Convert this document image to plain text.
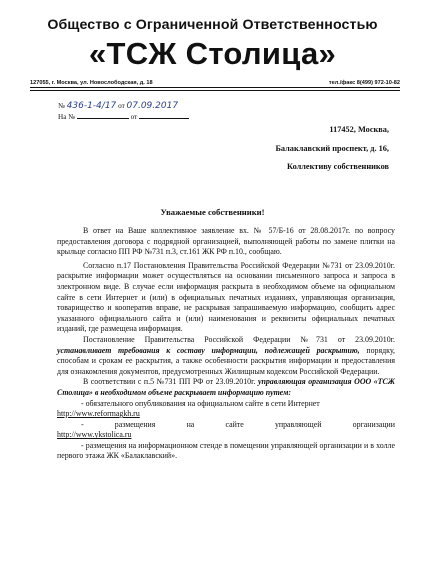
Общество с Ограниченной Ответственностью
«ТСЖ Столица»
127055, г. Москва, ул. Новослободская, д. 18	тел./факс 8(499) 972-10-82
№ 436-1-4/17 от 07.09.2017
На №	от
117452, Москва,
Балаклавский проспект, д. 16,
Коллективу собственников
Уважаемые собственники!

В ответ на Ваше коллективное заявление вх. № 57/Б-16 от 28.08.2017г. по вопросу предоставления договора с подрядной организацией, выполняющей работы по замене плитки на крыльце согласно ПП РФ №731 п.3, ст.161 ЖК РФ п.10., сообщаю.

Согласно п.17 Постановления Правительства Российской Федерации №731 от 23.09.2010г. раскрытие информации может осуществляться на основании письменного запроса и запроса в электронном виде. В случае если информация раскрыта в необходимом объеме на официальном сайте в сети Интернет и (или) в официальных печатных изданиях, управляющая организация, товарищество и кооператив вправе, не раскрывая запрашиваемую информацию, сообщить адрес указанного официального сайта и (или) наименования и реквизиты официальных печатных изданий, где размещена информация.

Постановление Правительства Российской Федерации №731 от 23.09.2010г. устанавливает требования к составу информации, подлежащей раскрытию, порядку, способам и срокам ее раскрытия, а также особенности раскрытия информации и предоставления для ознакомления документов, предусмотренных Жилищным кодексом Российской Федерации.

В соответствии с п.5 №731 ПП РФ от 23.09.2010г. управляющая организация ООО «ТСЖ Столица» в необходимом объеме раскрывает информацию путем:

- обязательного опубликования на официальном сайте в сети Интернет

http://www.reformagkh.ru

- размещения на сайте управляющей организации

http://www.ykstolica.ru

- размещения на информационном стенде в помещении управляющей организации и в холле первого этажа ЖК «Балаклавский».
